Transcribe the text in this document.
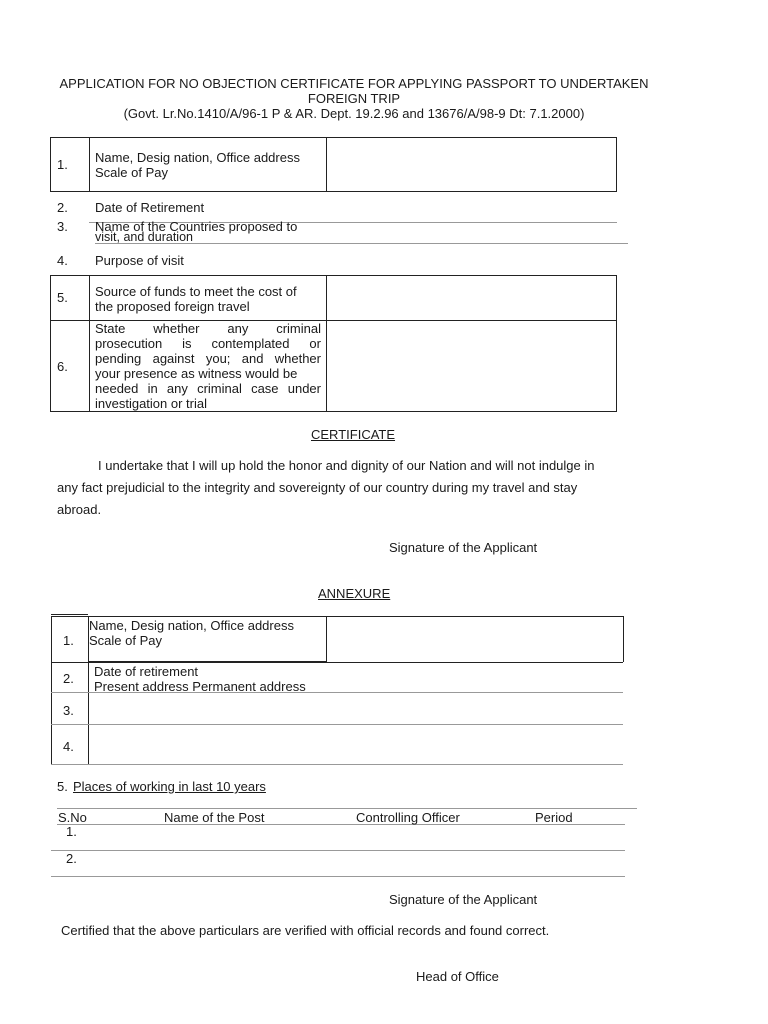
APPLICATION FOR NO OBJECTION CERTIFICATE FOR APPLYING PASSPORT TO UNDERTAKEN
FOREIGN TRIP
(Govt. Lr.No.1410/A/96-1 P & AR. Dept. 19.2.96 and 13676/A/98-9 Dt: 7.1.2000)
1. Name, Desig nation, Office address
Scale of Pay
2. Date of Retirement
3. Name of the Countries proposed to
visit, and duration
4. Purpose of visit
5. Source of funds to meet the cost of
the proposed foreign travel
6.
State whether any criminal
prosecution is contemplated or
pending against you; and whether
your presence as witness would be
needed in any criminal case under
investigation or trial
CERTIFICATE
I undertake that I will up hold the honor and dignity of our Nation and will not indulge in
any fact prejudicial to the integrity and sovereignty of our country during my travel and stay
abroad.
Signature of the Applicant
ANNEXURE
1.
Name, Desig nation, Office address
Scale of Pay
2. Date of retirement
Present address Permanent address
3.
4.
5. Places of working in last 10 years
S.No	Name of the Post	Controlling Officer	Period
1.
2.
Signature of the Applicant
Certified that the above particulars are verified with official records and found correct.
Head of Office
